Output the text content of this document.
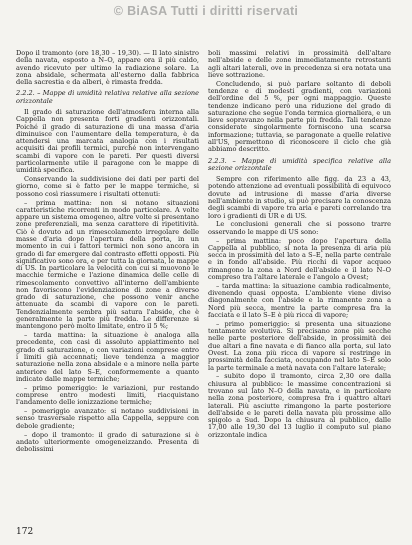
© BiASA Tutti i diritti riservati

Dopo il tramonto (ore 18,30 – 19,30). — Il lato sinistro della navata, esposto a N–O, appare ora il più caldo, avendo ricevuto per ultimo la radiazione solare. La zona absidale, schermata all'esterno dalla fabbrica della sacrestia e da alberi, è rimasta fredda.

2.2.2. – Mappe di umidità relativa relative alla sezione orizzontale

Il grado di saturazione dell'atmosfera interna alla Cappella non presenta forti gradienti orizzontali. Poiché il grado di saturazione di una massa d'aria diminuisce con l'aumentare della temperatura, è da attendersi una marcata analogia con i risultati acquisiti dai profili termici, purché non intervengano scambi di vapore con le pareti. Per questi diversi particolarmente utile il paragone con le mappe di umidità specifica.

Conservando la suddivisione dei dati per parti del giorno, come si è fatto per le mappe termiche, si possono così riassumere i risultati ottenuti:

– prima mattina: non si notano situazioni caratteristiche ricorrenti in modo particolare. A volte appare un sistema omogeneo, altre volte si presentano zone preferenziali, ma senza carattere di ripetitività. Ciò è dovuto ad un rimescolamento irregolare delle masse d'aria dopo l'apertura della porta, in un momento in cui i fattori termici non sono ancora in grado di far emergere dal contrasto effetti opposti. Più significativo sono ora, e per tutta la giornata, le mappe di US. In particolare la velocità con cui si muovono le macchie termiche e l'azione dinamica delle celle di rimescolamento convettivo all'interno dell'ambiente non favoriscono l'evidenziazione di zone a diverso grado di saturazione, che possono venir anche attenuate da scambi di vapore con le pareti. Tendenzialmente sembra più satura l'abside, che è generalmente la parte più fredda. Le differenze si mantengono però molto limitate, entro il 5 %;

– tarda mattina: la situazione è analoga alla precedente, con casi di assoluto appiattimento nel grado di saturazione, o con variazioni comprese entro i limiti già accennati; lieve tendenza a maggior saturazione nella zona absidale e a minore nella parte anteriore del lato S–E, conformemente a quanto indicato dalle mappe termiche;

– primo pomeriggio: le variazioni, pur restando comprese entro modesti limiti, riacquistano l'andamento delle ionizzazione termiche;

– pomeriggio avanzato: si notano suddivisioni in senso trasversale rispetto alla Cappella, seppure con debole gradiente;

– dopo il tramonto: il grado di saturazione si è andato ulteriormente omogeneizzando. Presenta di debolissimi

boli massimi relativi in prossimità dell'altare nell'abside e delle zone immediatamente retrostanti agli altari laterali, ove in precedenza si era notata una lieve sottrazione.

Concludendo, si può parlare soltanto di deboli tendenze e di modesti gradienti, con variazioni dell'ordine del 5 %, per ogni mappaggio. Queste tendenze indicano però una riduzione del grado di saturazione che segue l'onda termica giornaliera, e un lieve sopravanzo nella parte più fredda. Tali tendenze considerate singolarmente forniscono una scarsa informazione; tuttavia, se paragonate a quelle relative all'US, permettono di riconoscere il ciclo che già abbiamo descritto.

2.2.3. – Mappe di umidità specifica relative alla sezione orizzontale

Sempre con riferimento alle figg. da 23 a 43, potendo attenzione ad eventuali possibilità di equivoco dovute ad intrusione di masse d'aria diverse nell'ambiente in studio, si può precisare la conoscenza degli scambi di vapore tra aria e pareti correlando tra loro i gradienti di UR e di US.

Le conclusioni generali che si possono trarre osservando le mappe di US sono:

– prima mattina: poco dopo l'apertura della Cappella al pubblico, si nota la presenza di aria più secca in prossimità del lato a S–E, nella parte centrale e in fondo all'abside. Più ricchi di vapor acqueo rimangono la zona a Nord dell'abside e il lato N–O compreso tra l'altare laterale e l'angolo a Ovest;

– tarda mattina: la situazione cambia radicalmente, divenendo quasi opposta. L'ambiente viene diviso diagonalmente con l'abside e la rimanente zona a Nord più secca, mentre la parte compresa fra la facciata e il lato S–E è più ricca di vapore;

– primo pomeriggio: si presenta una situazione tentamente evolutiva. Si precisano zone più secche nelle parte posteriore dell'abside, in prossimità dei due altari a fine navata e di fianco alla porta, sul lato Ovest. La zona più ricca di vapore si restringe in prossimità della facciata, occupando nel lato S–E solo la parte terminale a metà navata con l'altare laterale;

– subito dopo il tramonto, circa 2,30 ore dalla chiusura al pubblico: le massime concentrazioni si trovano sul lato N–O della navata, e in particolare nella zona posteriore, compresa fra i quattro altari laterali. Più asciutte rimangono la parte posteriore dell'abside e le pareti della navata più prossime allo spigolo a Sud. Dopo la chiusura al pubblico, dalle 17,00 alle 19,30 del 13 luglio il computo sul piano orizzontale indica

172
